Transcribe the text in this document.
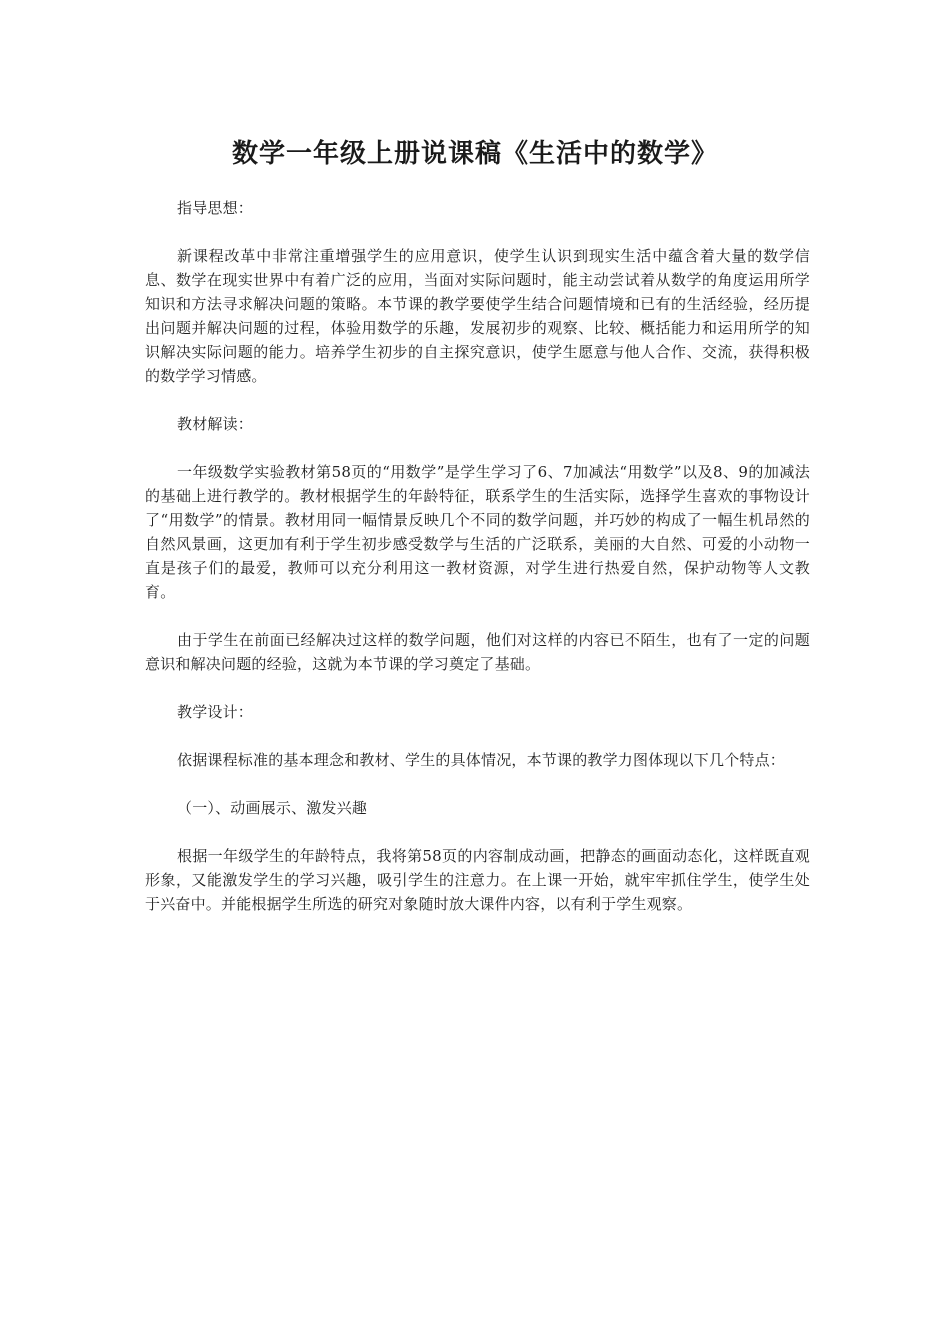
数学一年级上册说课稿《生活中的数学》

指导思想：

新课程改革中非常注重增强学生的应用意识，使学生认识到现实生活中蕴含着大量的数学信息、数学在现实世界中有着广泛的应用，当面对实际问题时，能主动尝试着从数学的角度运用所学知识和方法寻求解决问题的策略。本节课的教学要使学生结合问题情境和已有的生活经验，经历提出问题并解决问题的过程，体验用数学的乐趣，发展初步的观察、比较、概括能力和运用所学的知识解决实际问题的能力。培养学生初步的自主探究意识，使学生愿意与他人合作、交流，获得积极的数学学习情感。

教材解读：

一年级数学实验教材第58页的“用数学”是学生学习了6、7加减法“用数学”以及8、9的加减法的基础上进行教学的。教材根据学生的年龄特征，联系学生的生活实际，选择学生喜欢的事物设计了“用数学”的情景。教材用同一幅情景反映几个不同的数学问题，并巧妙的构成了一幅生机昂然的自然风景画，这更加有利于学生初步感受数学与生活的广泛联系，美丽的大自然、可爱的小动物一直是孩子们的最爱，教师可以充分利用这一教材资源，对学生进行热爱自然，保护动物等人文教育。

由于学生在前面已经解决过这样的数学问题，他们对这样的内容已不陌生，也有了一定的问题意识和解决问题的经验，这就为本节课的学习奠定了基础。

教学设计：

依据课程标准的基本理念和教材、学生的具体情况，本节课的教学力图体现以下几个特点：

（一）、动画展示、激发兴趣

根据一年级学生的年龄特点，我将第58页的内容制成动画，把静态的画面动态化，这样既直观形象，又能激发学生的学习兴趣，吸引学生的注意力。在上课一开始，就牢牢抓住学生，使学生处于兴奋中。并能根据学生所选的研究对象随时放大课件内容，以有利于学生观察。
